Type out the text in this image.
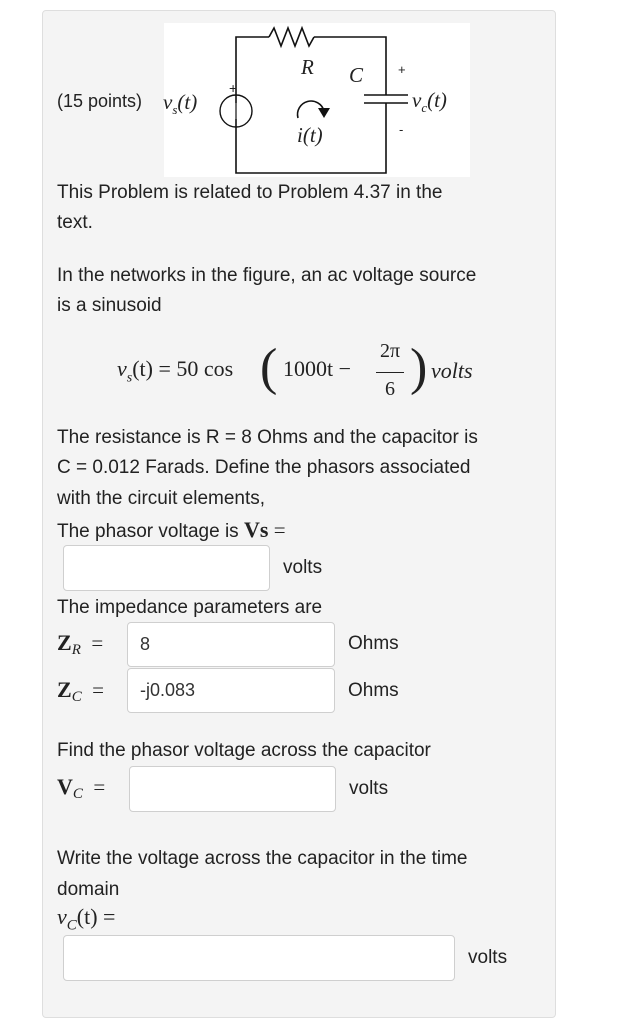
R C
+
+
-
i(t)
(15 points) $v_s(t)$	$v_c(t)$
This Problem is related to Problem 4.37 in the
text.
In the networks in the figure, an ac voltage source
is a sinusoid
$v_s(t) = 50$ cos ( 1000t −
2π
6 ) volts
The resistance is R = 8 Ohms and the capacitor is
C = 0.012 Farads. Define the phasors associated
with the circuit elements,
The phasor voltage is Vs =
volts
The impedance parameters are
$Z_R$ =
8	Ohms
$Z_C$ =
-j0.083	Ohms
Find the phasor voltage across the capacitor
$V_C$ =	volts
Write the voltage across the capacitor in the time
domain
$v_C(t)$ =
volts
